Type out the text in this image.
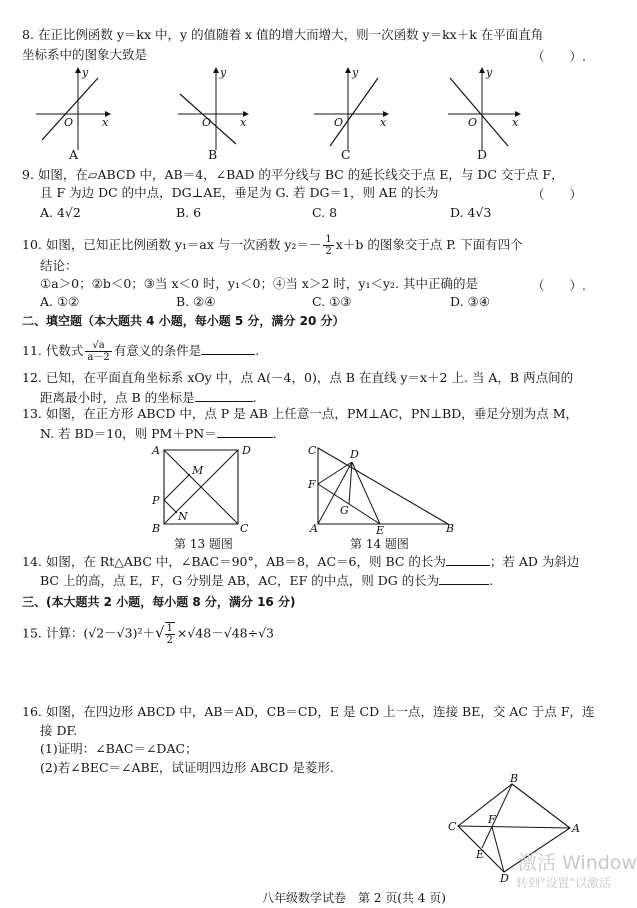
8. 在正比例函数 y＝kx 中，y 的值随着 x 值的增大而增大，则一次函数 y＝kx＋k 在平面直角
坐标系中的图象大致是	（　　）.
y
x
O
y
x
O
y
x
O
y
x
O
A	B	C	D
9. 如图，在▱ABCD 中，AB＝4，∠BAD 的平分线与 BC 的延长线交于点 E，与 DC 交于点 F，
且 F 为边 DC 的中点，DG⊥AE，垂足为 G. 若 DG＝1，则 AE 的长为	（　　）
A. 4√2	B. 6	C. 8	D. 4√3
10. 如图，已知正比例函数 y₁＝ax 与一次函数 $y_2=- \frac{1}{2} x+b$ 的图象交于点 P. 下面有四个
结论：
①a＞0；②b＜0；③当 x＜0 时，y₁＜0；④当 x＞2 时，y₁＜y₂. 其中正确的是	（　　）.
A. ①②	B. ②④	C. ①③	D. ③④
二、填空题（本大题共 4 小题，每小题 5 分，满分 20 分）
11. 代数式 $\frac{√a}{a-2}$ 有意义的条件是	.
12. 已知，在平面直角坐标系 xOy 中，点 A(－4，0)，点 B 在直线 y＝x＋2 上. 当 A，B 两点间的
距离最小时，点 B 的坐标是	.
13. 如图，在正方形 ABCD 中，点 P 是 AB 上任意一点，PM⊥AC，PN⊥BD，垂足分别为点 M，
N. 若 BD＝10，则 PM＋PN＝	.
A	D
M
P
N
B	C
第 13 题图
C	D
F
G
A	E	B
第 14 题图
14. 如图，在 Rt△ABC 中，∠BAC＝90°，AB＝8，AC＝6，则 BC 的长为	；若 AD 为斜边
BC 上的高，点 E，F，G 分别是 AB，AC，EF 的中点，则 DG 的长为	.
三、(本大题共 2 小题，每小题 8 分，满分 16 分)
15. 计算：$(√2-√3)^2+√ \frac{1}{2} \times√48-√48\div√3$
16. 如图，在四边形 ABCD 中，AB＝AD，CB＝CD，E 是 CD 上一点，连接 BE，交 AC 于点 F，连
接 DF.
(1)证明：∠BAC＝∠DAC；
(2)若∠BEC＝∠ABE，试证明四边形 ABCD 是菱形.
B
C
F
A
E
D
激活 Window
转到"设置"以激活
八年级数学试卷　第 2 页(共 4 页)
